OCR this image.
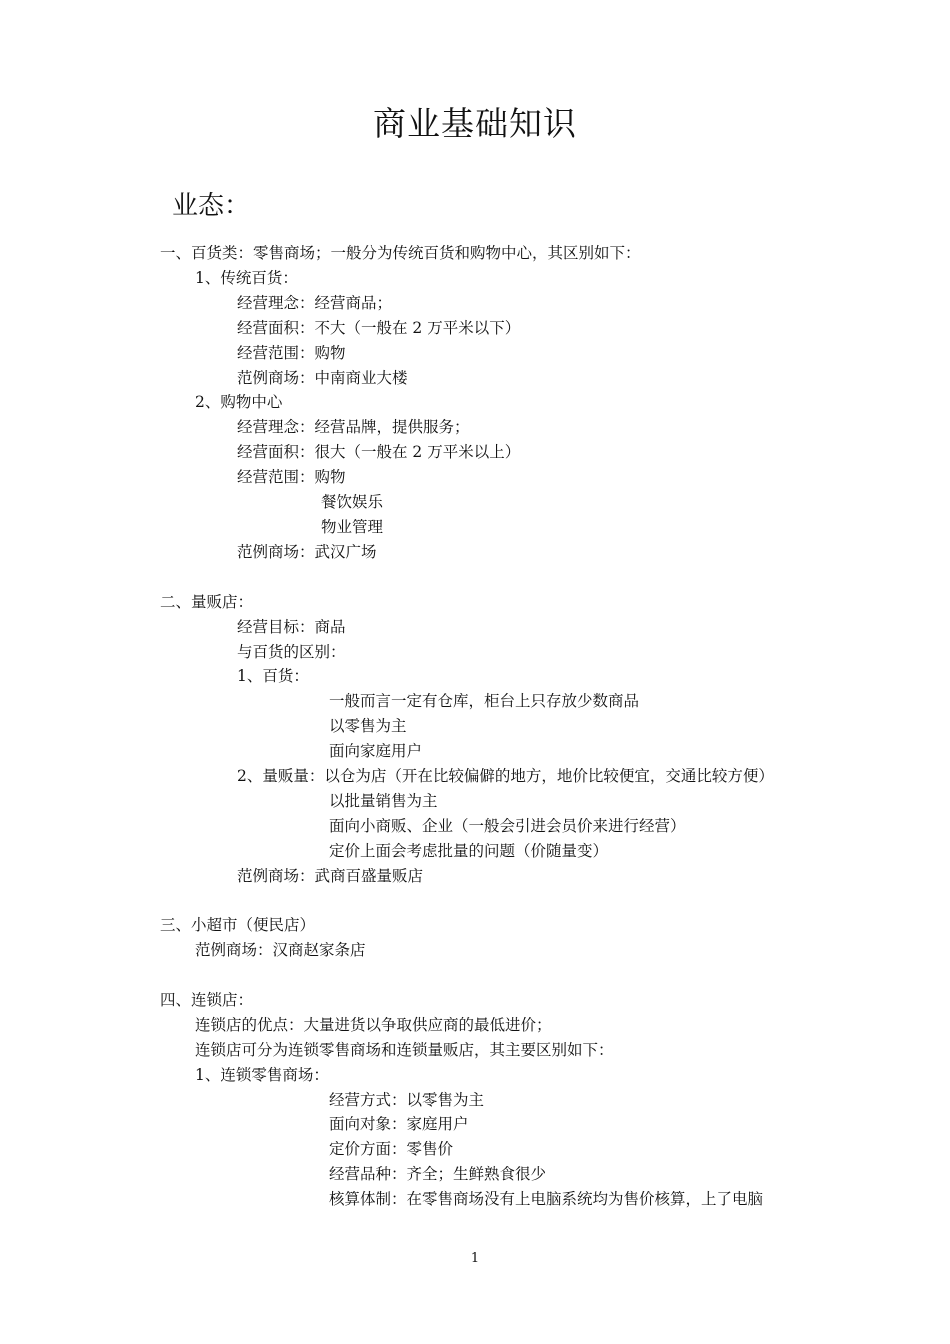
商业基础知识
业态：
一、百货类：零售商场；一般分为传统百货和购物中心，其区别如下：
1、传统百货：
经营理念：经营商品；
经营面积：不大（一般在 2 万平米以下）
经营范围：购物
范例商场：中南商业大楼
2、购物中心
经营理念：经营品牌，提供服务；
经营面积：很大（一般在 2 万平米以上）
经营范围：购物
餐饮娱乐
物业管理
范例商场：武汉广场
二、量贩店：
经营目标：商品
与百货的区别：
1、百货：
一般而言一定有仓库，柜台上只存放少数商品
以零售为主
面向家庭用户
2、量贩量：以仓为店（开在比较偏僻的地方，地价比较便宜，交通比较方便）
以批量销售为主
面向小商贩、企业（一般会引进会员价来进行经营）
定价上面会考虑批量的问题（价随量变）
范例商场：武商百盛量贩店
三、小超市（便民店）
范例商场：汉商赵家条店
四、连锁店：
连锁店的优点：大量进货以争取供应商的最低进价；
连锁店可分为连锁零售商场和连锁量贩店，其主要区别如下：
1、连锁零售商场：
经营方式：以零售为主
面向对象：家庭用户
定价方面：零售价
经营品种：齐全；生鲜熟食很少
核算体制：在零售商场没有上电脑系统均为售价核算，上了电脑
1
